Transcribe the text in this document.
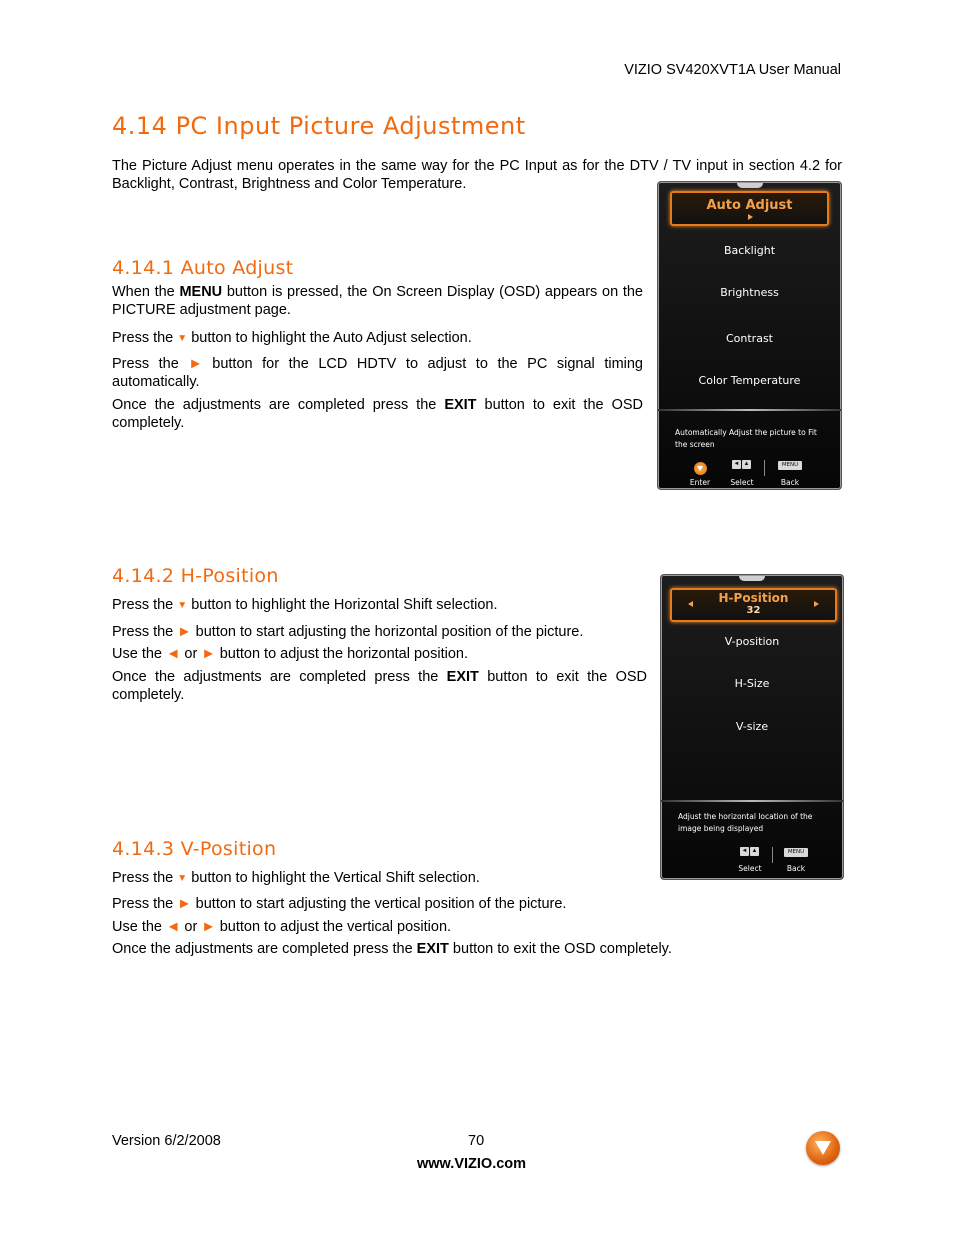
VIZIO SV420XVT1A User Manual
4.14 PC Input Picture Adjustment

The Picture Adjust menu operates in the same way for the PC Input as for the DTV / TV input in section 4.2 for Backlight, Contrast, Brightness and Color Temperature.

4.14.1 Auto Adjust

When the MENU button is pressed, the On Screen Display (OSD) appears on the PICTURE adjustment page.

Press the ▼ button to highlight the Auto Adjust selection.

Press the ► button for the LCD HDTV to adjust to the PC signal timing automatically.

Once the adjustments are completed press the EXIT button to exit the OSD completely.

Auto Adjust
Backlight
Brightness
Contrast
Color Temperature
Automatically Adjust the picture to Fit the screen
Enter
◄ ▲
Select
MENU
Back
4.14.2 H-Position

Press the ▼ button to highlight the Horizontal Shift selection.

Press the ► button to start adjusting the horizontal position of the picture.

Use the ◄ or ► button to adjust the horizontal position.

Once the adjustments are completed press the EXIT button to exit the OSD completely.

H-Position
32
V-position
H-Size
V-size
Adjust the horizontal location of the image being displayed
◄ ▲
Select
MENU
Back
4.14.3 V-Position

Press the ▼ button to highlight the Vertical Shift selection.

Press the ► button to start adjusting the vertical position of the picture.

Use the ◄ or ► button to adjust the vertical position.

Once the adjustments are completed press the EXIT button to exit the OSD completely.

Version 6/2/2008	70
www.VIZIO.com
